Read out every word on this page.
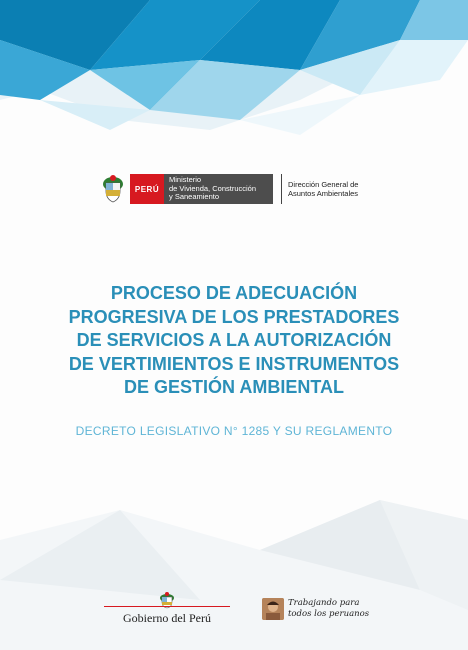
PERÚ
Ministerio
de Vivienda, Construcción
y Saneamiento
Dirección General de
Asuntos Ambientales
PROCESO DE ADECUACIÓN
PROGRESIVA DE LOS PRESTADORES
DE SERVICIOS A LA AUTORIZACIÓN
DE VERTIMIENTOS E INSTRUMENTOS
DE GESTIÓN AMBIENTAL

DECRETO LEGISLATIVO N° 1285 Y SU REGLAMENTO

Gobierno del Perú
Trabajando para
todos los peruanos
